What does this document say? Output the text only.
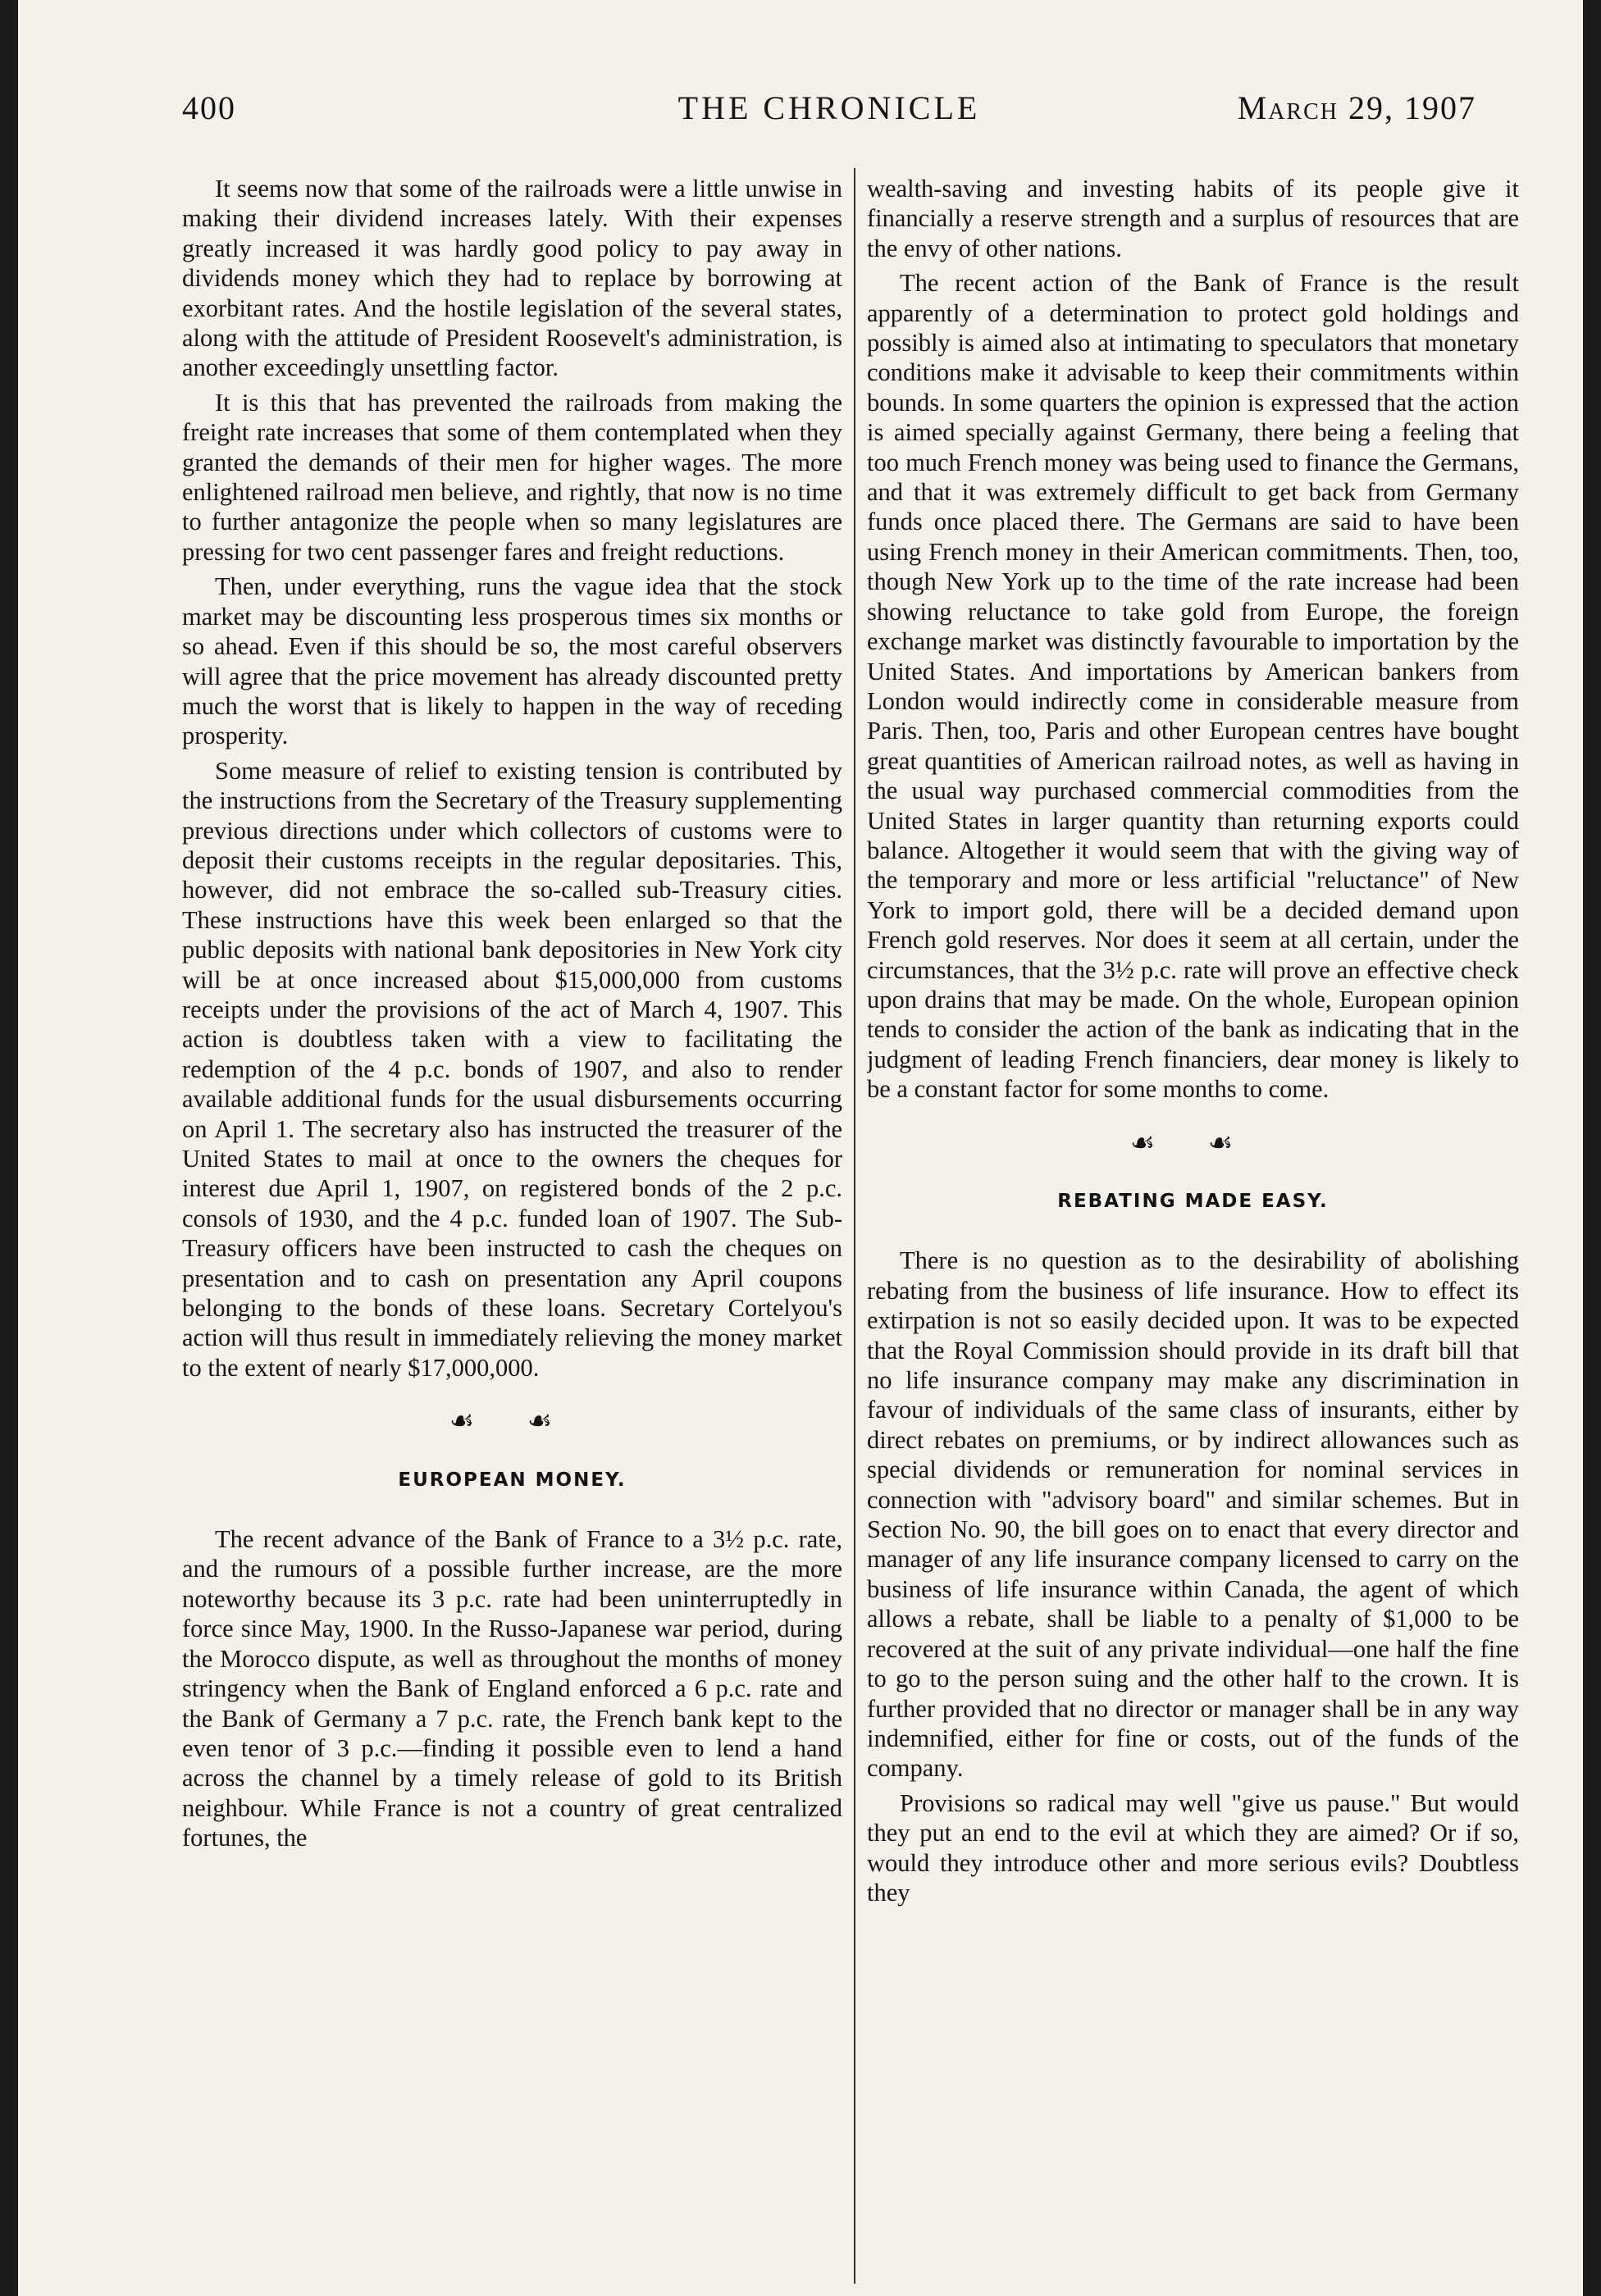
400	THE CHRONICLE	March 29, 1907

It seems now that some of the railroads were a little unwise in making their dividend increases lately. With their expenses greatly increased it was hardly good policy to pay away in dividends money which they had to replace by borrowing at exorbitant rates. And the hostile legislation of the several states, along with the attitude of President Roosevelt's administration, is another exceedingly unsettling factor.

It is this that has prevented the railroads from making the freight rate increases that some of them contemplated when they granted the demands of their men for higher wages. The more enlightened railroad men believe, and rightly, that now is no time to further antagonize the people when so many legislatures are pressing for two cent passenger fares and freight reductions.

Then, under everything, runs the vague idea that the stock market may be discounting less prosperous times six months or so ahead. Even if this should be so, the most careful observers will agree that the price movement has already discounted pretty much the worst that is likely to happen in the way of receding prosperity.

Some measure of relief to existing tension is contributed by the instructions from the Secretary of the Treasury supplementing previous directions under which collectors of customs were to deposit their customs receipts in the regular depositaries. This, however, did not embrace the so-called sub-Treasury cities. These instructions have this week been enlarged so that the public deposits with national bank depositories in New York city will be at once increased about $15,000,000 from customs receipts under the provisions of the act of March 4, 1907. This action is doubtless taken with a view to facilitating the redemption of the 4 p.c. bonds of 1907, and also to render available additional funds for the usual disbursements occurring on April 1. The secretary also has instructed the treasurer of the United States to mail at once to the owners the cheques for interest due April 1, 1907, on registered bonds of the 2 p.c. consols of 1930, and the 4 p.c. funded loan of 1907. The Sub-Treasury officers have been instructed to cash the cheques on presentation and to cash on presentation any April coupons belonging to the bonds of these loans. Secretary Cortelyou's action will thus result in immediately relieving the money market to the extent of nearly $17,000,000.

☙ ☙
EUROPEAN MONEY.

The recent advance of the Bank of France to a 3½ p.c. rate, and the rumours of a possible further increase, are the more noteworthy because its 3 p.c. rate had been uninterruptedly in force since May, 1900. In the Russo-Japanese war period, during the Morocco dispute, as well as throughout the months of money stringency when the Bank of England enforced a 6 p.c. rate and the Bank of Germany a 7 p.c. rate, the French bank kept to the even tenor of 3 p.c.—finding it possible even to lend a hand across the channel by a timely release of gold to its British neighbour. While France is not a country of great centralized fortunes, the

wealth-saving and investing habits of its people give it financially a reserve strength and a surplus of resources that are the envy of other nations.

The recent action of the Bank of France is the result apparently of a determination to protect gold holdings and possibly is aimed also at intimating to speculators that monetary conditions make it advisable to keep their commitments within bounds. In some quarters the opinion is expressed that the action is aimed specially against Germany, there being a feeling that too much French money was being used to finance the Germans, and that it was extremely difficult to get back from Germany funds once placed there. The Germans are said to have been using French money in their American commitments. Then, too, though New York up to the time of the rate increase had been showing reluctance to take gold from Europe, the foreign exchange market was distinctly favourable to importation by the United States. And importations by American bankers from London would indirectly come in considerable measure from Paris. Then, too, Paris and other European centres have bought great quantities of American railroad notes, as well as having in the usual way purchased commercial commodities from the United States in larger quantity than returning exports could balance. Altogether it would seem that with the giving way of the temporary and more or less artificial "reluctance" of New York to import gold, there will be a decided demand upon French gold reserves. Nor does it seem at all certain, under the circumstances, that the 3½ p.c. rate will prove an effective check upon drains that may be made. On the whole, European opinion tends to consider the action of the bank as indicating that in the judgment of leading French financiers, dear money is likely to be a constant factor for some months to come.

☙ ☙
REBATING MADE EASY.

There is no question as to the desirability of abolishing rebating from the business of life insurance. How to effect its extirpation is not so easily decided upon. It was to be expected that the Royal Commission should provide in its draft bill that no life insurance company may make any discrimination in favour of individuals of the same class of insurants, either by direct rebates on premiums, or by indirect allowances such as special dividends or remuneration for nominal services in connection with "advisory board" and similar schemes. But in Section No. 90, the bill goes on to enact that every director and manager of any life insurance company licensed to carry on the business of life insurance within Canada, the agent of which allows a rebate, shall be liable to a penalty of $1,000 to be recovered at the suit of any private individual—one half the fine to go to the person suing and the other half to the crown. It is further provided that no director or manager shall be in any way indemnified, either for fine or costs, out of the funds of the company.

Provisions so radical may well "give us pause." But would they put an end to the evil at which they are aimed? Or if so, would they introduce other and more serious evils? Doubtless they
